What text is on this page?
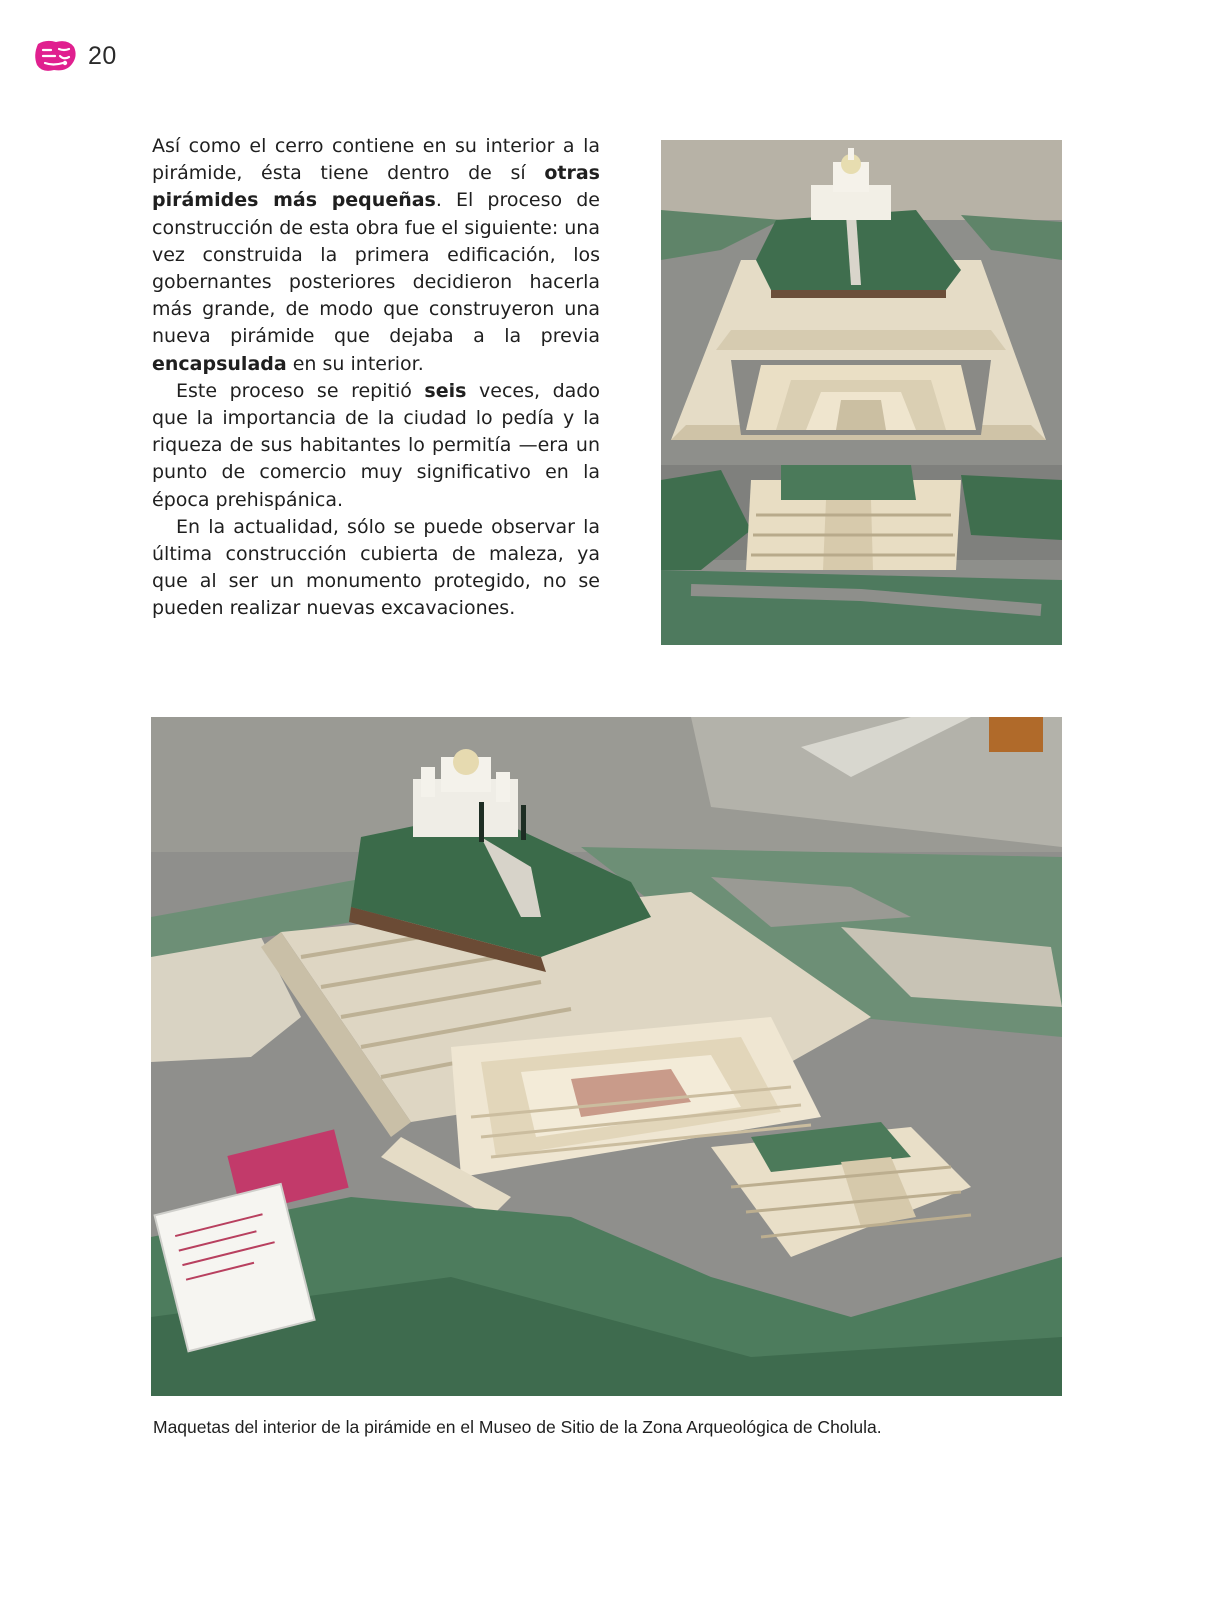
20

Así como el cerro contiene en su interior a la pirámide, ésta tiene dentro de sí otras pirámides más pequeñas. El proceso de construcción de esta obra fue el siguiente: una vez construida la primera edificación, los gobernantes posteriores decidieron hacerla más grande, de modo que construyeron una nueva pirámide que dejaba a la previa encapsulada en su interior.

Este proceso se repitió seis veces, dado que la importancia de la ciudad lo pedía y la riqueza de sus habitantes lo permitía —era un punto de comercio muy significativo en la época prehispánica.

En la actualidad, sólo se puede observar la última construcción cubierta de maleza, ya que al ser un monumento protegido, no se pueden realizar nuevas excavaciones.

Maquetas del interior de la pirámide en el Museo de Sitio de la Zona Arqueológica de Cholula.
